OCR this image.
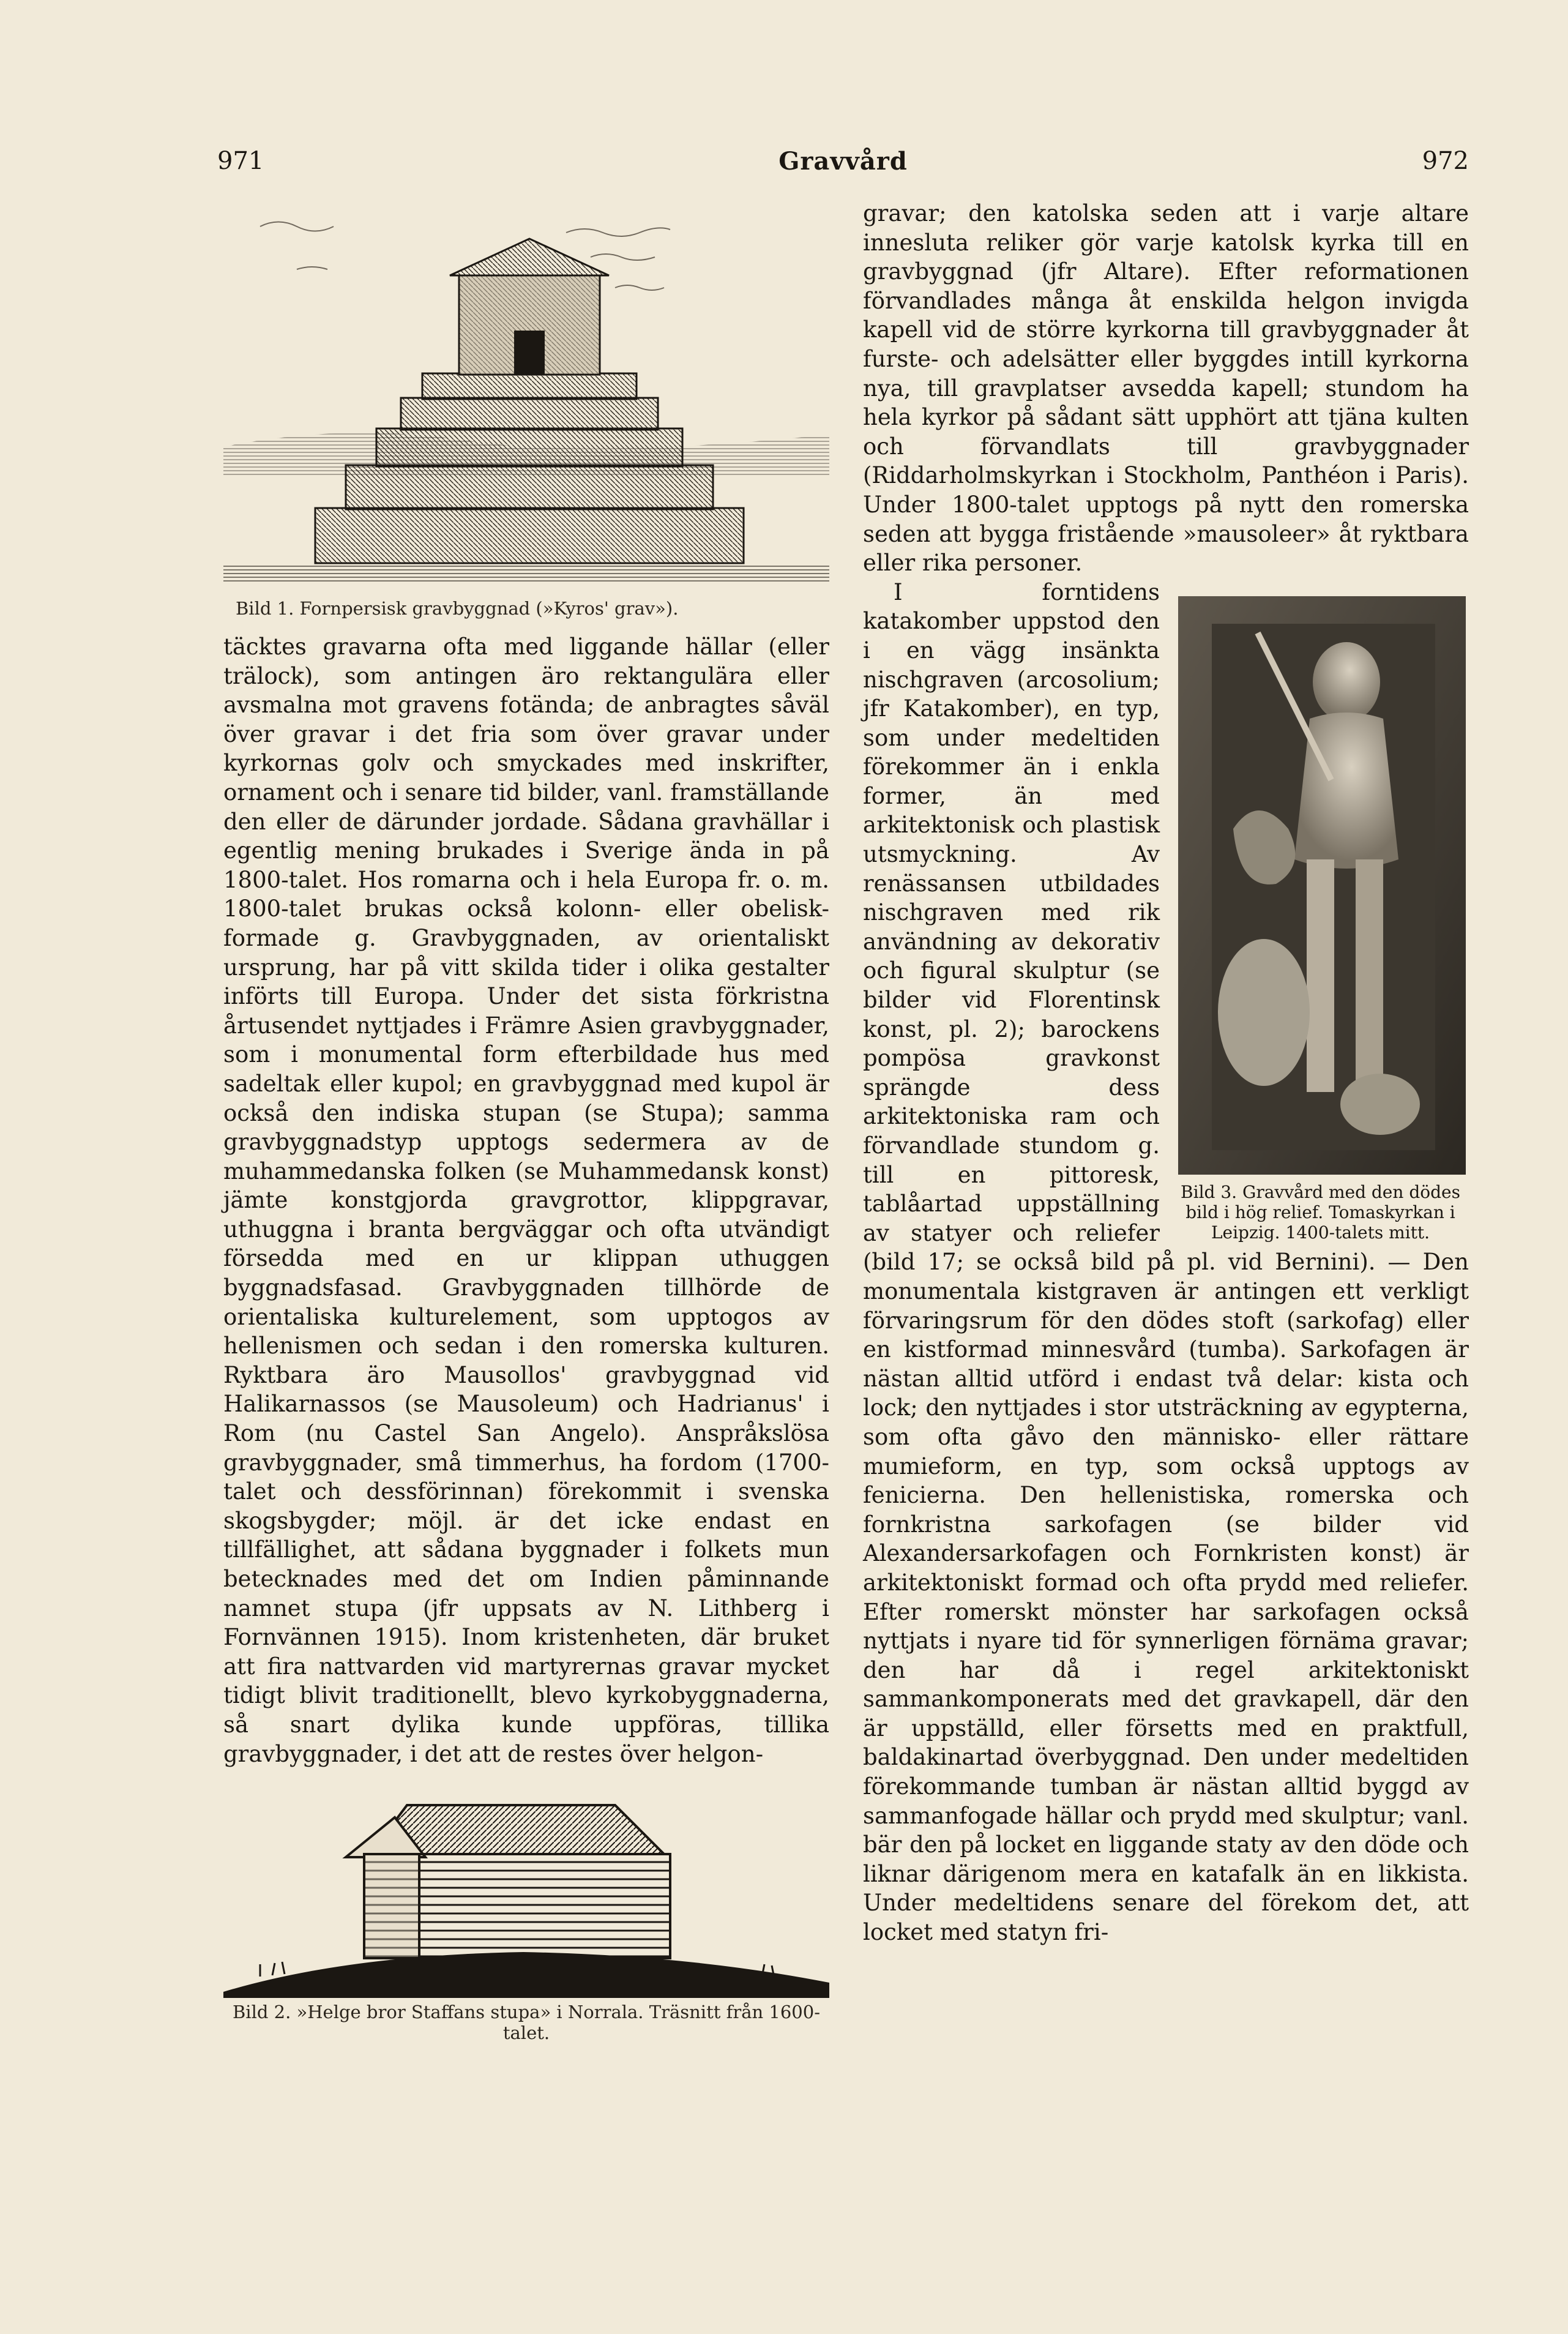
971	Gravvård	972
Bild 1. Fornpersisk gravbyggnad (»Kyros' grav»).

täcktes gravarna ofta med liggande hällar (eller trälock), som antingen äro rektangulära eller avsmalna mot gravens fotända; de anbragtes såväl över gravar i det fria som över gravar under kyrkornas golv och smyckades med inskrifter, ornament och i senare tid bilder, vanl. framställande den eller de därunder jordade. Sådana gravhällar i egentlig mening brukades i Sverige ända in på 1800-talet. Hos romarna och i hela Europa fr. o. m. 1800-talet brukas också kolonn- eller obelisk-formade g. Gravbyggnaden, av orientaliskt ursprung, har på vitt skilda tider i olika gestalter införts till Europa. Under det sista förkristna årtusendet nyttjades i Främre Asien gravbyggnader, som i monumental form efterbildade hus med sadeltak eller kupol; en gravbyggnad med kupol är också den indiska stupan (se Stupa); samma gravbyggnadstyp upptogs sedermera av de muhammedanska folken (se Muhammedansk konst) jämte konstgjorda gravgrottor, klippgravar, uthuggna i branta bergväggar och ofta utvändigt försedda med en ur klippan uthuggen byggnadsfasad. Gravbyggnaden tillhörde de orientaliska kulturelement, som upptogos av hellenismen och sedan i den romerska kulturen. Ryktbara äro Mausollos' gravbyggnad vid Halikarnassos (se Mausoleum) och Hadrianus' i Rom (nu Castel San Angelo). Anspråkslösa gravbyggnader, små timmerhus, ha fordom (1700-talet och dessförinnan) förekommit i svenska skogsbygder; möjl. är det icke endast en tillfällighet, att sådana byggnader i folkets mun betecknades med det om Indien påminnande namnet stupa (jfr uppsats av N. Lithberg i Fornvännen 1915). Inom kristenheten, där bruket att fira nattvarden vid martyrernas gravar mycket tidigt blivit traditionellt, blevo kyrkobyggnaderna, så snart dylika kunde uppföras, tillika gravbyggnader, i det att de restes över helgon-

Bild 2. »Helge bror Staffans stupa» i Norrala. Träsnitt från 1600-talet.

gravar; den katolska seden att i varje altare innesluta reliker gör varje katolsk kyrka till en gravbyggnad (jfr Altare). Efter reformationen förvandlades många åt enskilda helgon invigda kapell vid de större kyrkorna till gravbyggnader åt furste- och adelsätter eller byggdes intill kyrkorna nya, till gravplatser avsedda kapell; stundom ha hela kyrkor på sådant sätt upphört att tjäna kulten och förvandlats till gravbyggnader (Riddarholmskyrkan i Stockholm, Panthéon i Paris). Under 1800-talet upptogs på nytt den romerska seden att bygga fristående »mausoleer» åt ryktbara eller rika personer.

Bild 3. Gravvård med den dödes bild i hög relief. Tomaskyrkan i Leipzig. 1400-talets mitt.

I forntidens katakomber uppstod den i en vägg insänkta nischgraven (arcosolium; jfr Katakomber), en typ, som under medeltiden förekommer än i enkla former, än med arkitektonisk och plastisk utsmyckning. Av renässansen utbildades nischgraven med rik användning av dekorativ och figural skulptur (se bilder vid Florentinsk konst, pl. 2); barockens pompösa gravkonst sprängde dess arkitektoniska ram och förvandlade stundom g. till en pittoresk, tablåartad uppställning av statyer och reliefer (bild 17; se också bild på pl. vid Bernini). — Den monumentala kistgraven är antingen ett verkligt förvaringsrum för den dödes stoft (sarkofag) eller en kistformad minnesvård (tumba). Sarkofagen är nästan alltid utförd i endast två delar: kista och lock; den nyttjades i stor utsträckning av egypterna, som ofta gåvo den människo- eller rättare mumieform, en typ, som också upptogs av fenicierna. Den hellenistiska, romerska och fornkristna sarkofagen (se bilder vid Alexandersarkofagen och Fornkristen konst) är arkitektoniskt formad och ofta prydd med reliefer. Efter romerskt mönster har sarkofagen också nyttjats i nyare tid för synnerligen förnäma gravar; den har då i regel arkitektoniskt sammankomponerats med det gravkapell, där den är uppställd, eller försetts med en praktfull, baldakinartad överbyggnad. Den under medeltiden förekommande tumban är nästan alltid byggd av sammanfogade hällar och prydd med skulptur; vanl. bär den på locket en liggande staty av den döde och liknar därigenom mera en katafalk än en likkista. Under medeltidens senare del förekom det, att locket med statyn fri-
